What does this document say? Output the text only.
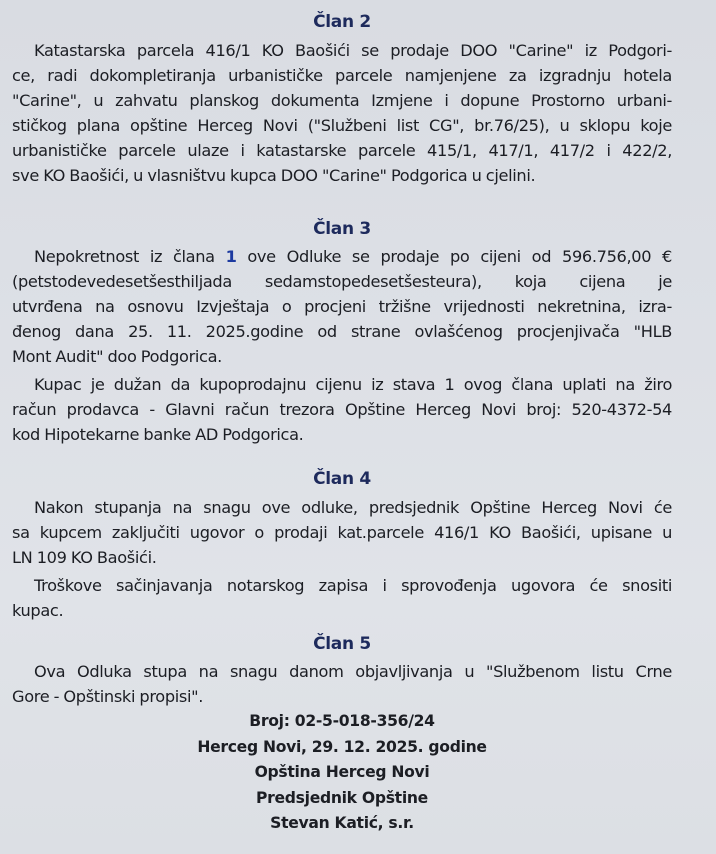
Član 2

Katastarska parcela 416/1 KO Baošići se prodaje DOO "Carine" iz Podgori-
ce, radi dokompletiranja urbanističke parcele namjenjene za izgradnju hotela
"Carine", u zahvatu planskog dokumenta Izmjene i dopune Prostorno urbani-
stičkog plana opštine Herceg Novi ("Službeni list CG", br.76/25), u sklopu koje
urbanističke parcele ulaze i katastarske parcele 415/1, 417/1, 417/2 i 422/2,
sve KO Baošići, u vlasništvu kupca DOO "Carine" Podgorica u cjelini.

Član 3

Nepokretnost iz člana 1 ove Odluke se prodaje po cijeni od 596.756,00 €
(petstodevedesetšesthiljada sedamstopedesetšesteura), koja cijena je
utvrđena na osnovu Izvještaja o procjeni tržišne vrijednosti nekretnina, izra-
đenog dana 25. 11. 2025.godine od strane ovlašćenog procjenjivača "HLB
Mont Audit" doo Podgorica.

Kupac je dužan da kupoprodajnu cijenu iz stava 1 ovog člana uplati na žiro
račun prodavca - Glavni račun trezora Opštine Herceg Novi broj: 520-4372-54
kod Hipotekarne banke AD Podgorica.

Član 4

Nakon stupanja na snagu ove odluke, predsjednik Opštine Herceg Novi će
sa kupcem zaključiti ugovor o prodaji kat.parcele 416/1 KO Baošići, upisane u
LN 109 KO Baošići.

Troškove sačinjavanja notarskog zapisa i sprovođenja ugovora će snositi
kupac.

Član 5

Ova Odluka stupa na snagu danom objavljivanja u "Službenom listu Crne
Gore - Opštinski propisi".

Broj: 02-5-018-356/24

Herceg Novi, 29. 12. 2025. godine

Opština Herceg Novi

Predsjednik Opštine

Stevan Katić, s.r.
